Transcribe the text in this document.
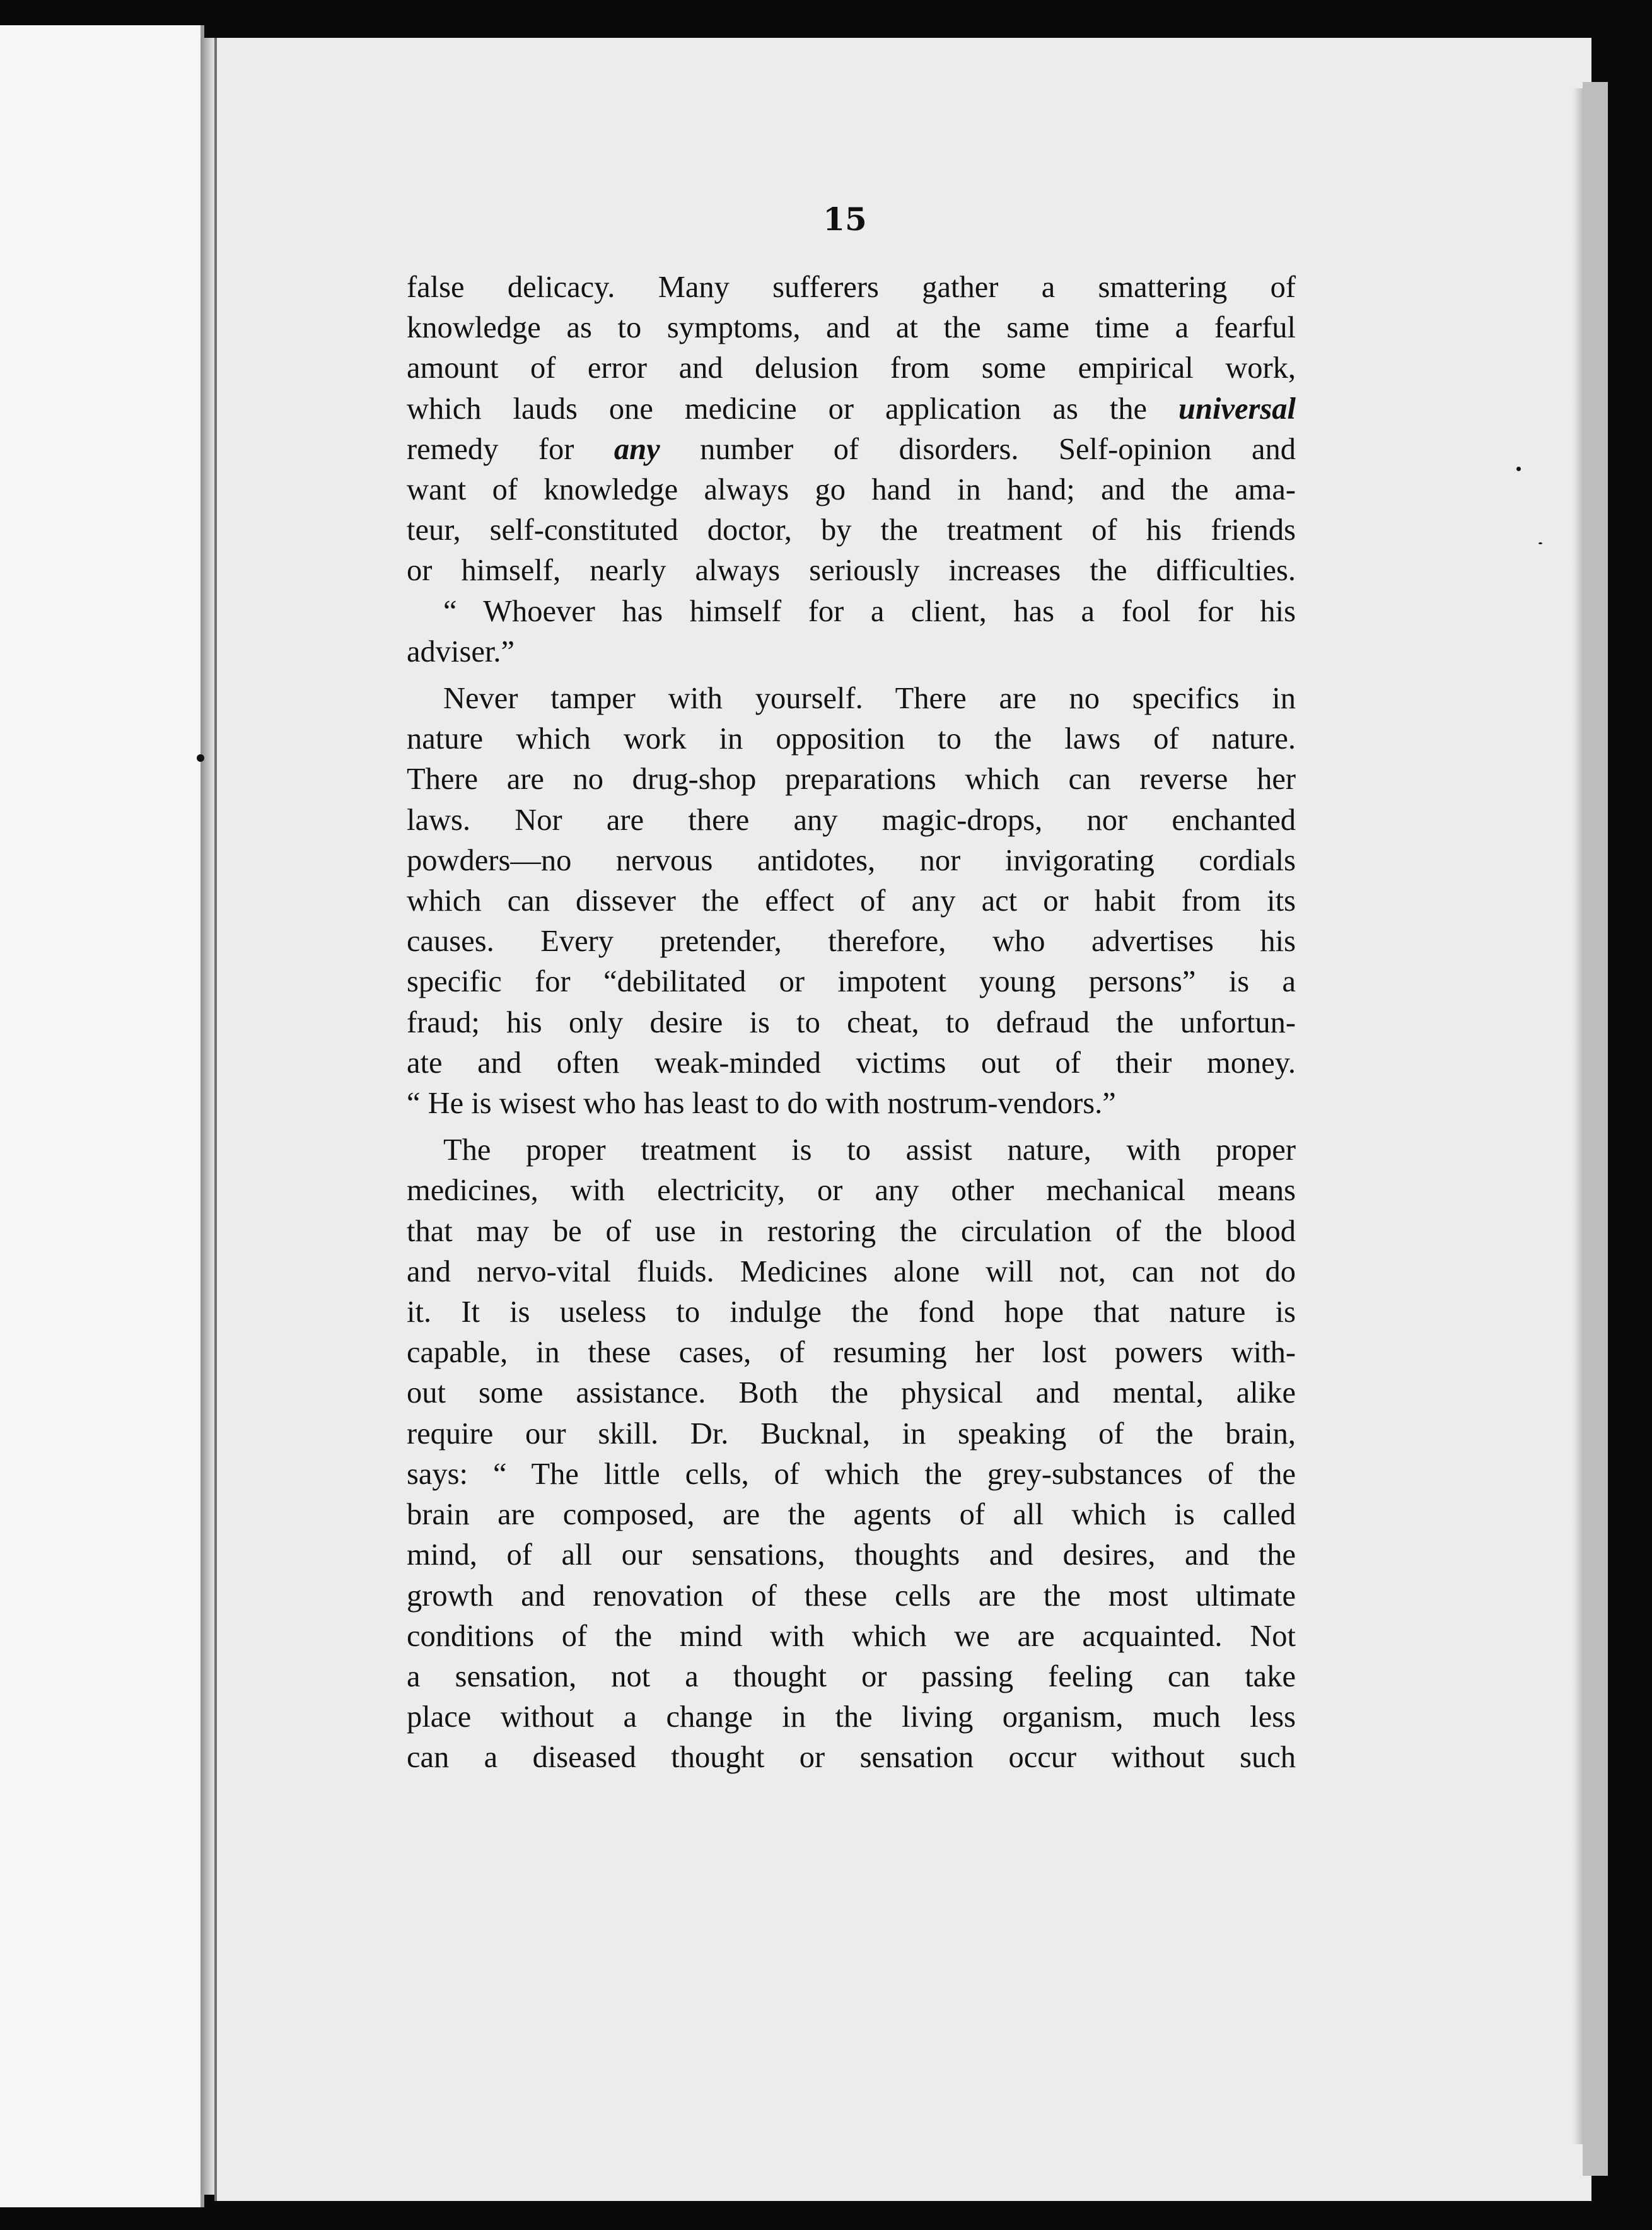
15
false delicacy. Many sufferers gather a smattering of
knowledge as to symptoms, and at the same time a fearful
amount of error and delusion from some empirical work,
which lauds one medicine or application as the universal
remedy for any number of disorders. Self-opinion and
want of knowledge always go hand in hand; and the ama-
teur, self-constituted doctor, by the treatment of his friends
or himself, nearly always seriously increases the difficulties.
“ Whoever has himself for a client, has a fool for his
adviser.”
Never tamper with yourself. There are no specifics in
nature which work in opposition to the laws of nature.
There are no drug-shop preparations which can reverse her
laws. Nor are there any magic-drops, nor enchanted
powders—no nervous antidotes, nor invigorating cordials
which can dissever the effect of any act or habit from its
causes. Every pretender, therefore, who advertises his
specific for “debilitated or impotent young persons” is a
fraud; his only desire is to cheat, to defraud the unfortun-
ate and often weak-minded victims out of their money.
“ He is wisest who has least to do with nostrum-vendors.”
The proper treatment is to assist nature, with proper
medicines, with electricity, or any other mechanical means
that may be of use in restoring the circulation of the blood
and nervo-vital fluids. Medicines alone will not, can not do
it. It is useless to indulge the fond hope that nature is
capable, in these cases, of resuming her lost powers with-
out some assistance. Both the physical and mental, alike
require our skill. Dr. Bucknal, in speaking of the brain,
says: “ The little cells, of which the grey-substances of the
brain are composed, are the agents of all which is called
mind, of all our sensations, thoughts and desires, and the
growth and renovation of these cells are the most ultimate
conditions of the mind with which we are acquainted. Not
a sensation, not a thought or passing feeling can take
place without a change in the living organism, much less
can a diseased thought or sensation occur without such
